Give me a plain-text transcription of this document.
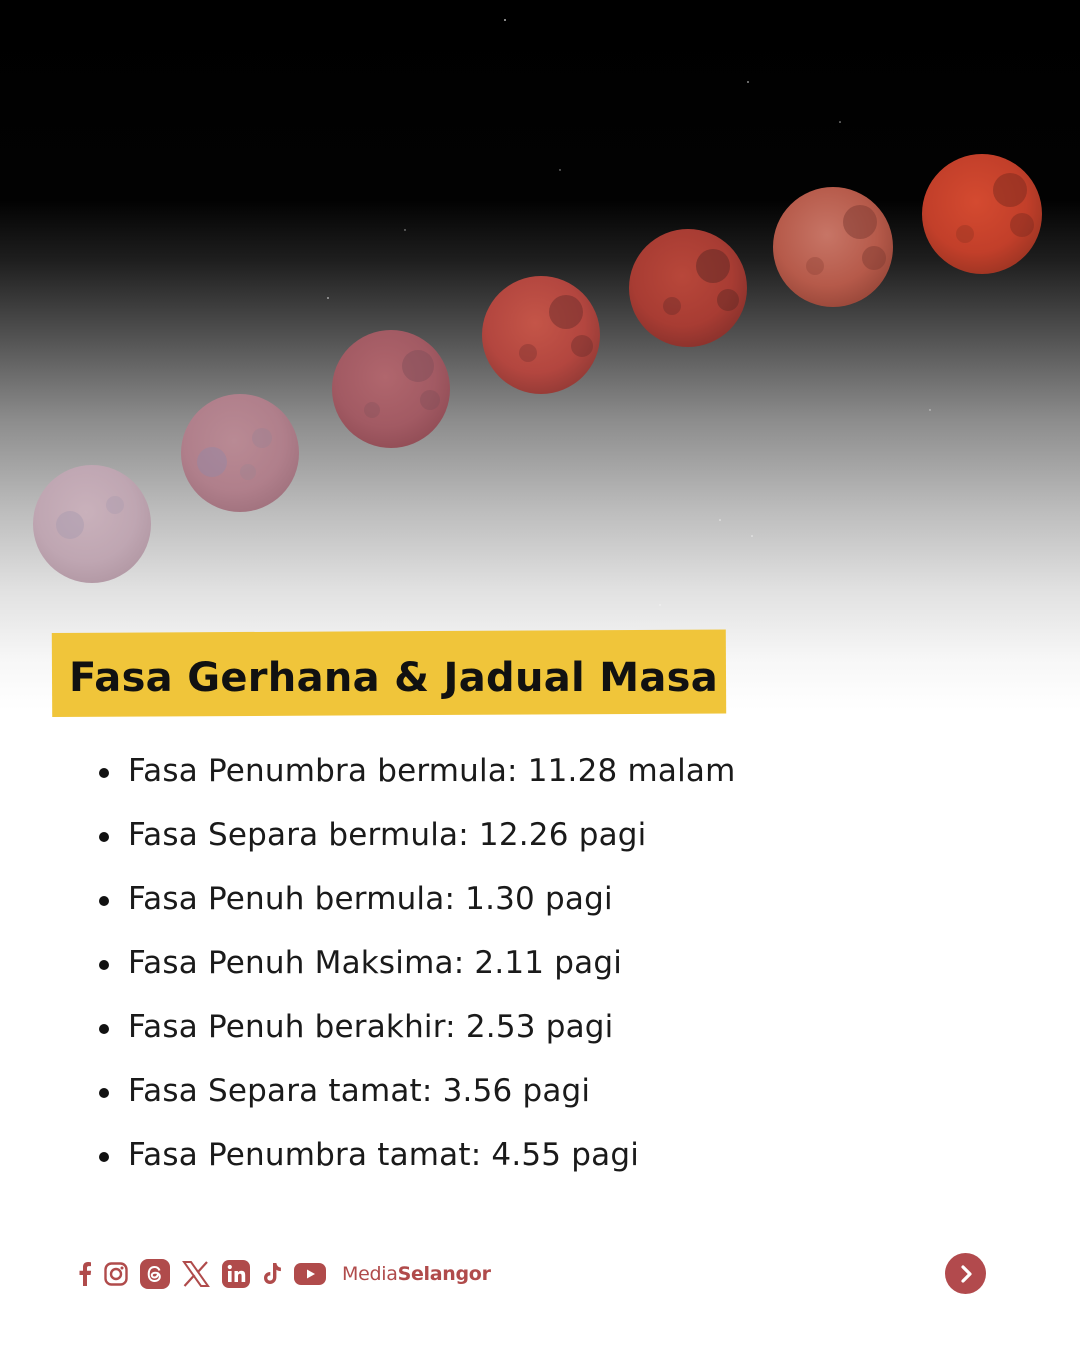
Fasa Gerhana & Jadual Masa
Fasa Penumbra bermula: 11.28 malam
Fasa Separa bermula: 12.26 pagi
Fasa Penuh bermula: 1.30 pagi
Fasa Penuh Maksima: 2.11 pagi
Fasa Penuh berakhir: 2.53 pagi
Fasa Separa tamat: 3.56 pagi
Fasa Penumbra tamat: 4.55 pagi
MediaSelangor
